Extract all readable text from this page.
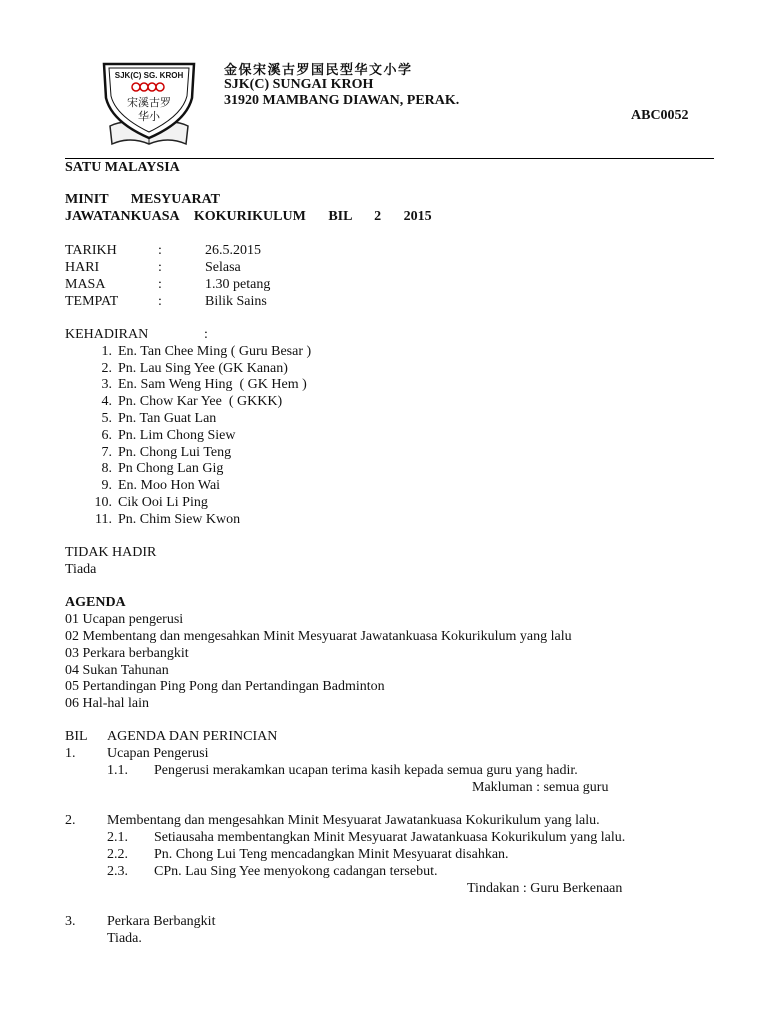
SJK(C) SG. KROH
宋溪古罗
华小
金保宋溪古罗国民型华文小学
SJK(C) SUNGAI KROH
31920 MAMBANG DIAWAN, PERAK.
ABC0052
SATU MALAYSIA
MINIT   MESYUARAT
JAWATANKUASA  KOKURIKULUM   BIL   2   2015
TARIKH	:	26.5.2015
HARI	:	Selasa
MASA	:	1.30 petang
TEMPAT	:	Bilik Sains
KEHADIRAN	:
1. En. Tan Chee Ming ( Guru Besar )
2. Pn. Lau Sing Yee (GK Kanan)
3. En. Sam Weng Hing  ( GK Hem )
4. Pn. Chow Kar Yee  ( GKKK)
5. Pn. Tan Guat Lan
6. Pn. Lim Chong Siew
7. Pn. Chong Lui Teng
8. Pn Chong Lan Gig
9. En. Moo Hon Wai
10. Cik Ooi Li Ping
11. Pn. Chim Siew Kwon
TIDAK HADIR
Tiada
AGENDA
01 Ucapan pengerusi
02 Membentang dan mengesahkan Minit Mesyuarat Jawatankuasa Kokurikulum yang lalu
03 Perkara berbangkit
04 Sukan Tahunan
05 Pertandingan Ping Pong dan Pertandingan Badminton
06 Hal-hal lain
BIL AGENDA DAN PERINCIAN
1. Ucapan Pengerusi
1.1. Pengerusi merakamkan ucapan terima kasih kepada semua guru yang hadir.
Makluman : semua guru
2. Membentang dan mengesahkan Minit Mesyuarat Jawatankuasa Kokurikulum yang lalu.
2.1. Setiausaha membentangkan Minit Mesyuarat Jawatankuasa Kokurikulum yang lalu.
2.2. Pn. Chong Lui Teng mencadangkan Minit Mesyuarat disahkan.
2.3. CPn. Lau Sing Yee menyokong cadangan tersebut.
Tindakan : Guru Berkenaan
3. Perkara Berbangkit
Tiada.
